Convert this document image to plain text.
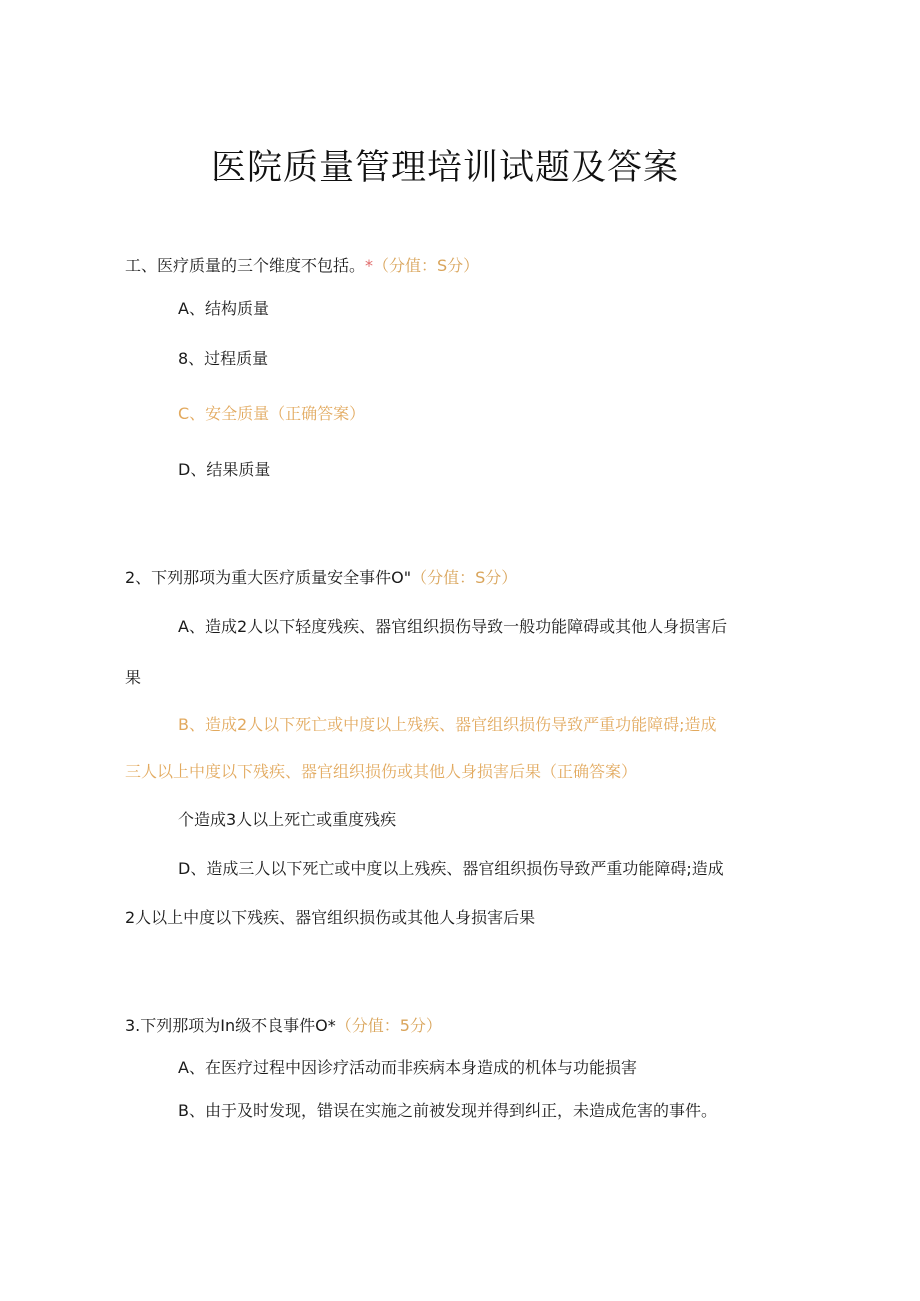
医院质量管理培训试题及答案
工、医疗质量的三个维度不包括。*（分值：S分）
A、结构质量
8、过程质量
C、安全质量（正确答案）
D、结果质量
2、下列那项为重大医疗质量安全事件O"（分值：S分）
A、造成2人以下轻度残疾、器官组织损伤导致一般功能障碍或其他人身损害后
果
B、造成2人以下死亡或中度以上残疾、器官组织损伤导致严重功能障碍;造成
三人以上中度以下残疾、器官组织损伤或其他人身损害后果（正确答案）
个造成3人以上死亡或重度残疾
D、造成三人以下死亡或中度以上残疾、器官组织损伤导致严重功能障碍;造成
2人以上中度以下残疾、器官组织损伤或其他人身损害后果
3.下列那项为In级不良事件O*（分值：5分）
A、在医疗过程中因诊疗活动而非疾病本身造成的机体与功能损害
B、由于及时发现，错误在实施之前被发现并得到纠正，未造成危害的事件。
